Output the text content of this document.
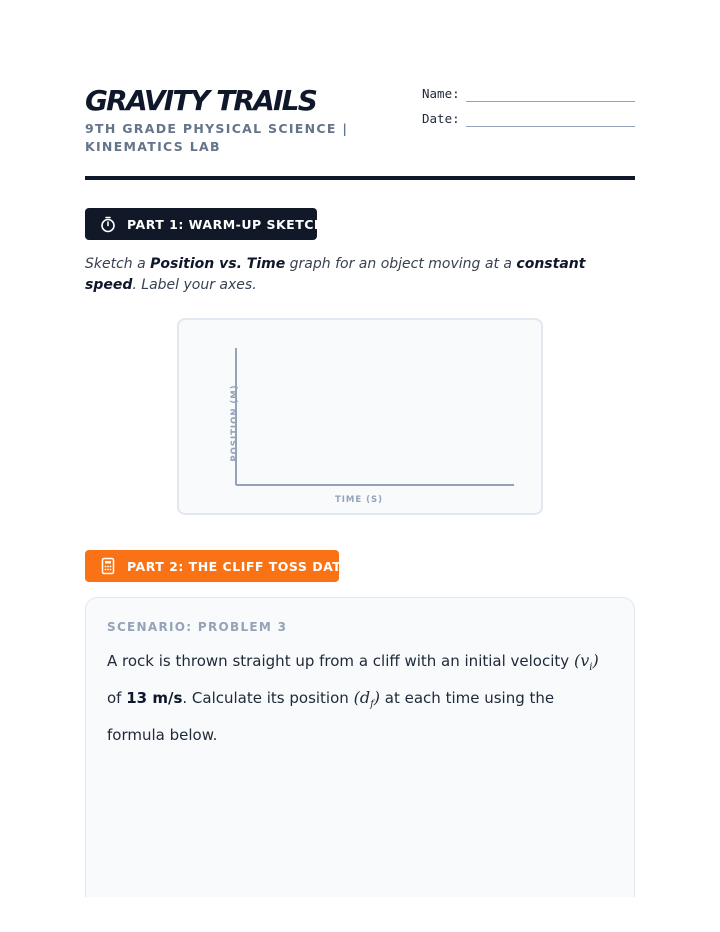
GRAVITY TRAILS
9TH GRADE PHYSICAL SCIENCE | KINEMATICS LAB
Name:
Date:
PART 1: WARM-UP SKETCH

Sketch a Position vs. Time graph for an object moving at a constant speed. Label your axes.

POSITION (M)
TIME (S)
PART 2: THE CLIFF TOSS DATA
SCENARIO: PROBLEM 3

A rock is thrown straight up from a cliff with an initial velocity $(v_i)$ of 13 m/s. Calculate its position $(d_f)$ at each time using the formula below.
